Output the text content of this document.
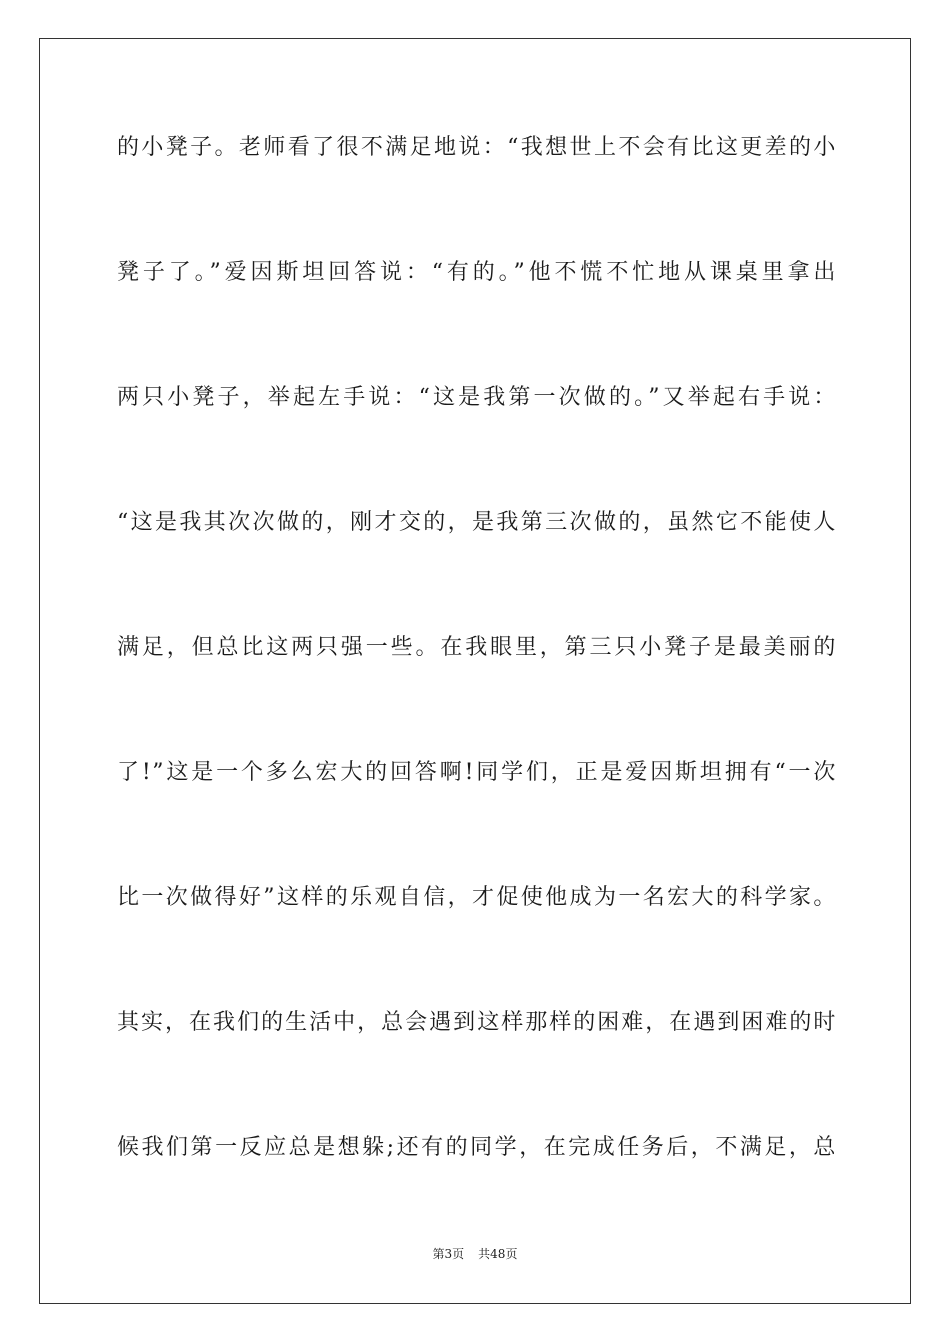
的小凳子。老师看了很不满足地说：“我想世上不会有比这更差的小
凳子了。”爱因斯坦回答说：“有的。”他不慌不忙地从课桌里拿出
两只小凳子，举起左手说：“这是我第一次做的。”又举起右手说：
“这是我其次次做的，刚才交的，是我第三次做的，虽然它不能使人
满足，但总比这两只强一些。在我眼里，第三只小凳子是最美丽的
了!”这是一个多么宏大的回答啊!同学们，正是爱因斯坦拥有“一次
比一次做得好”这样的乐观自信，才促使他成为一名宏大的科学家。
其实，在我们的生活中，总会遇到这样那样的困难，在遇到困难的时
候我们第一反应总是想躲;还有的同学，在完成任务后，不满足，总
第3页 共48页
